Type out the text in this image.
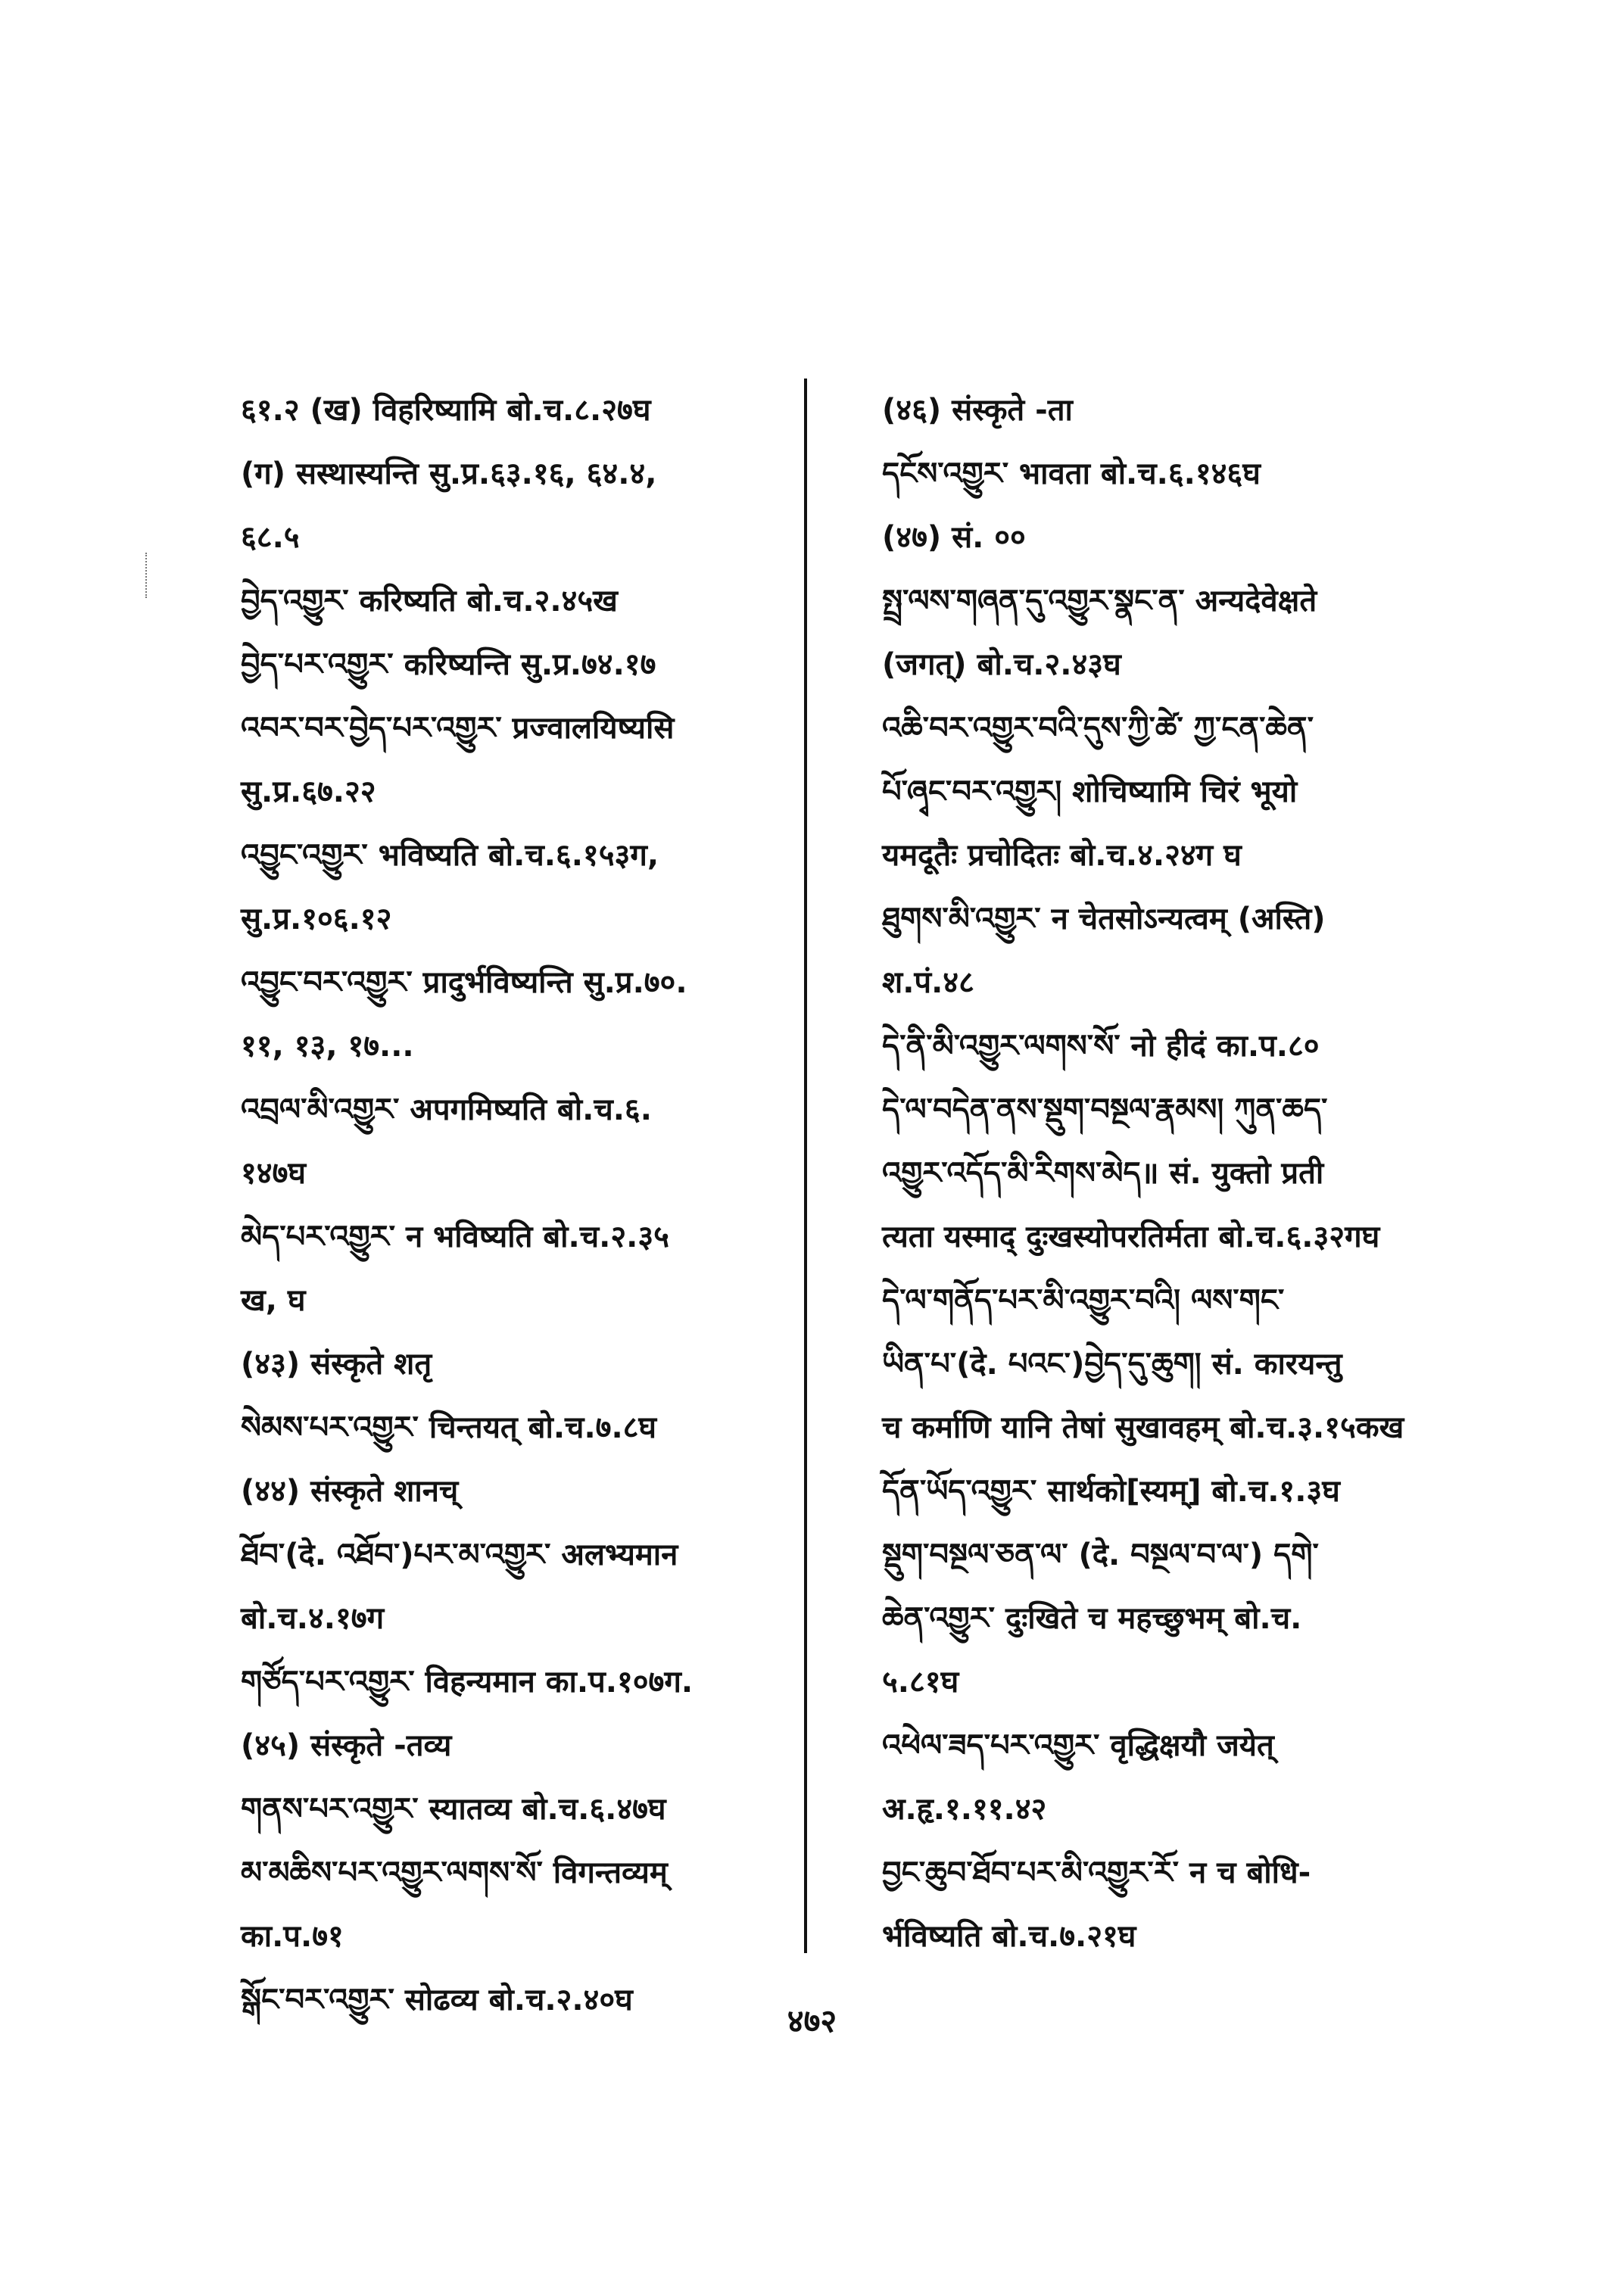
६१.२ (ख) विहरिष्यामि बो.च.८.२७घ
(ग) सस्थास्यन्ति सु.प्र.६३.१६, ६४.४,
६८.५
བྱེད་འགྱུར་ करिष्यति बो.च.२.४५ख
བྱེད་པར་འགྱུར་ करिष्यन्ति सु.प्र.७४.१७
འབར་བར་བྱེད་པར་འགྱུར་ प्रज्वालयिष्यसि
सु.प्र.६७.२२
འབྱུང་འགྱུར་ भविष्यति बो.च.६.१५३ग,
सु.प्र.१०६.१२
འབྱུང་བར་འགྱུར་ प्रादुर्भविष्यन्ति सु.प्र.७०.
११, १३, १७...
འབྲལ་མི་འགྱུར་ अपगमिष्यति बो.च.६.
१४७घ
མེད་པར་འགྱུར་ न भविष्यति बो.च.२.३५
ख, घ
(४३) संस्कृते शतृ
སེམས་པར་འགྱུར་ चिन्तयत् बो.च.७.८घ
(४४) संस्कृते शानच्
ཐོབ་(दे. འཐོབ་)པར་མ་འགྱུར་ अलभ्यमान
बो.च.४.१७ग
གཙོད་པར་འགྱུར་ विहन्यमान का.प.१०७ग.
(४५) संस्कृते -तव्य
གནས་པར་འགྱུར་ स्यातव्य बो.च.६.४७घ
མ་མཆིས་པར་འགྱུར་ལགས་སོ་ विगन्तव्यम्
का.प.७१
སྒོང་བར་འགྱུར་ सोढव्य बो.च.२.४०घ
(४६) संस्कृते -ता
དངོས་འགྱུར་ भावता बो.च.६.१४६घ
(४७) सं. ००
སྤྲ་ལས་གཞན་དུ་འགྱུར་སྣང་ན་ अन्यदेवेक्षते
(जगत्) बो.च.२.४३घ
འཆི་བར་འགྱུར་བའི་དུས་ཀྱི་ཚེ་ ཀྱ་ངན་ཆེན་
པོ་ཞྭང་བར་འགྱུར། शोचिष्यामि चिरं भूयो
यमदूतैः प्रचोदितः बो.च.४.२४ग घ
ཐུགས་མི་འགྱུར་ न चेतसोऽन्यत्वम् (अस्ति)
श.पं.४८
དེ་ནི་མི་འགྱུར་ལགས་སོ་ नो हीदं का.प.८०
དེ་ལ་བདེན་ནས་སྡུག་བསྔལ་རྣམས། ཀུན་ཆད་
འགྱུར་འདོད་མི་རིགས་མེད॥ सं. युक्तो प्रती
त्यता यस्माद् दुःखस्योपरतिर्मता बो.च.६.३२गघ
དེ་ལ་གནོད་པར་མི་འགྱུར་བའི། ལས་གང་
ཡིན་པ་(दे. པའང་)བྱེད་དུ་ཆུག། सं. कारयन्तु
च कर्माणि यानि तेषां सुखावहम् बो.च.३.१५कख
དོན་ཡོད་འགྱུར་ सार्थको[स्यम्] बो.च.१.३घ
སྡུག་བསྔལ་ཅན་ལ་ (दे. བསྔལ་བ་ལ་) དགེ་
ཆེན་འགྱུར་ दुःखिते च महच्छुभम् बो.च.
५.८१घ
འཕེལ་ཟད་པར་འགྱུར་ वृद्धिक्षयौ जयेत्
अ.हृ.१.११.४२
བྱང་ཆུབ་ཐོབ་པར་མི་འགྱུར་རོ་ न च बोधि-
र्भविष्यति बो.च.७.२१घ
४७२
